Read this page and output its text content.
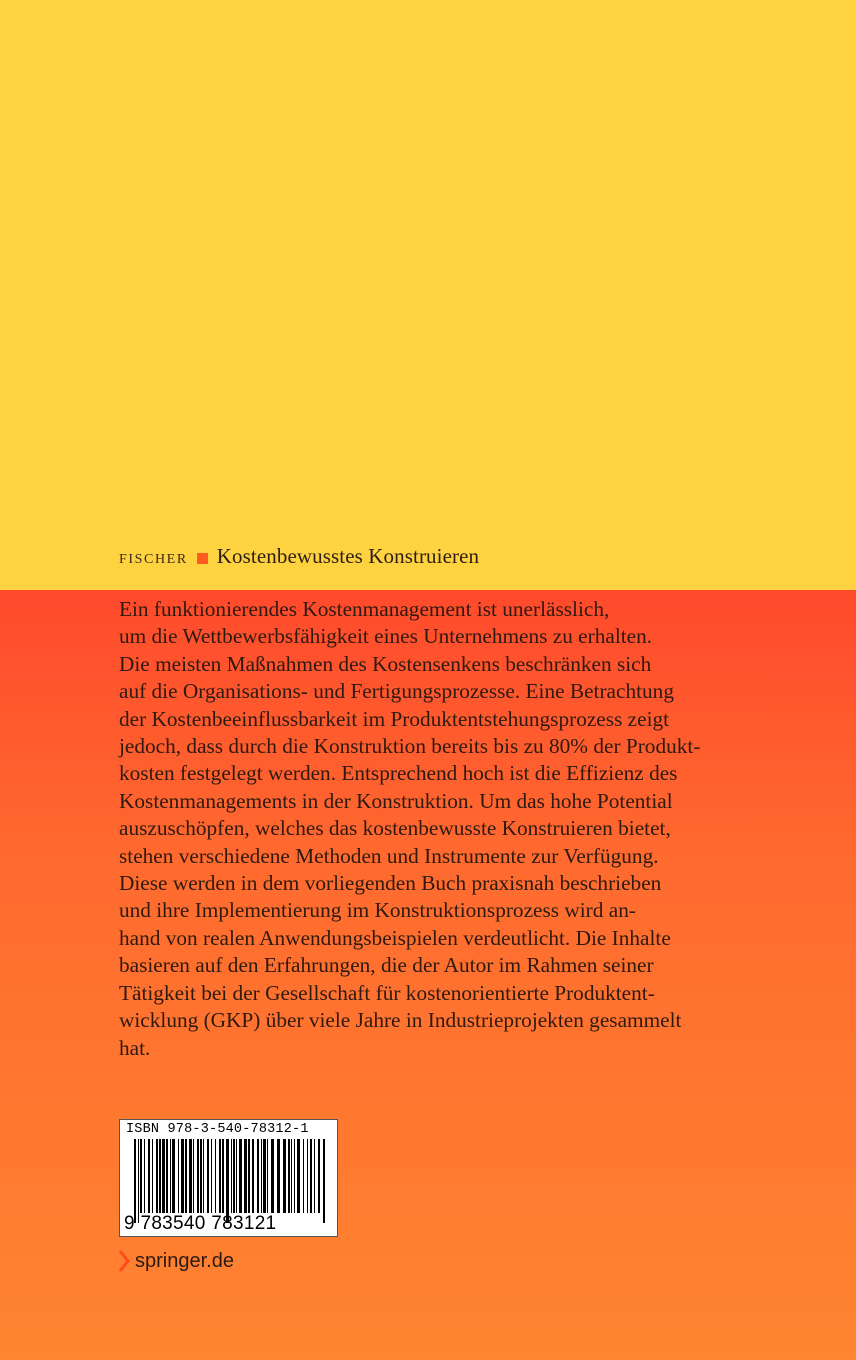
FISCHER Kostenbewusstes Konstruieren
Ein funktionierendes Kostenmanagement ist unerlässlich,
um die Wettbewerbsfähigkeit eines Unternehmens zu erhalten.
Die meisten Maßnahmen des Kostensenkens beschränken sich
auf die Organisations- und Fertigungsprozesse. Eine Betrachtung
der Kostenbeeinflussbarkeit im Produktentstehungsprozess zeigt
jedoch, dass durch die Konstruktion bereits bis zu 80% der Produkt-
kosten festgelegt werden. Entsprechend hoch ist die Effizienz des
Kostenmanagements in der Konstruktion. Um das hohe Potential
auszuschöpfen, welches das kostenbewusste Konstruieren bietet,
stehen verschiedene Methoden und Instrumente zur Verfügung.
Diese werden in dem vorliegenden Buch praxisnah beschrieben
und ihre Implementierung im Konstruktionsprozess wird an-
hand von realen Anwendungsbeispielen verdeutlicht. Die Inhalte
basieren auf den Erfahrungen, die der Autor im Rahmen seiner
Tätigkeit bei der Gesellschaft für kostenorientierte Produktent-
wicklung (GKP) über viele Jahre in Industrieprojekten gesammelt
hat.
ISBN 978-3-540-78312-1
9 783540 783121
springer.de
